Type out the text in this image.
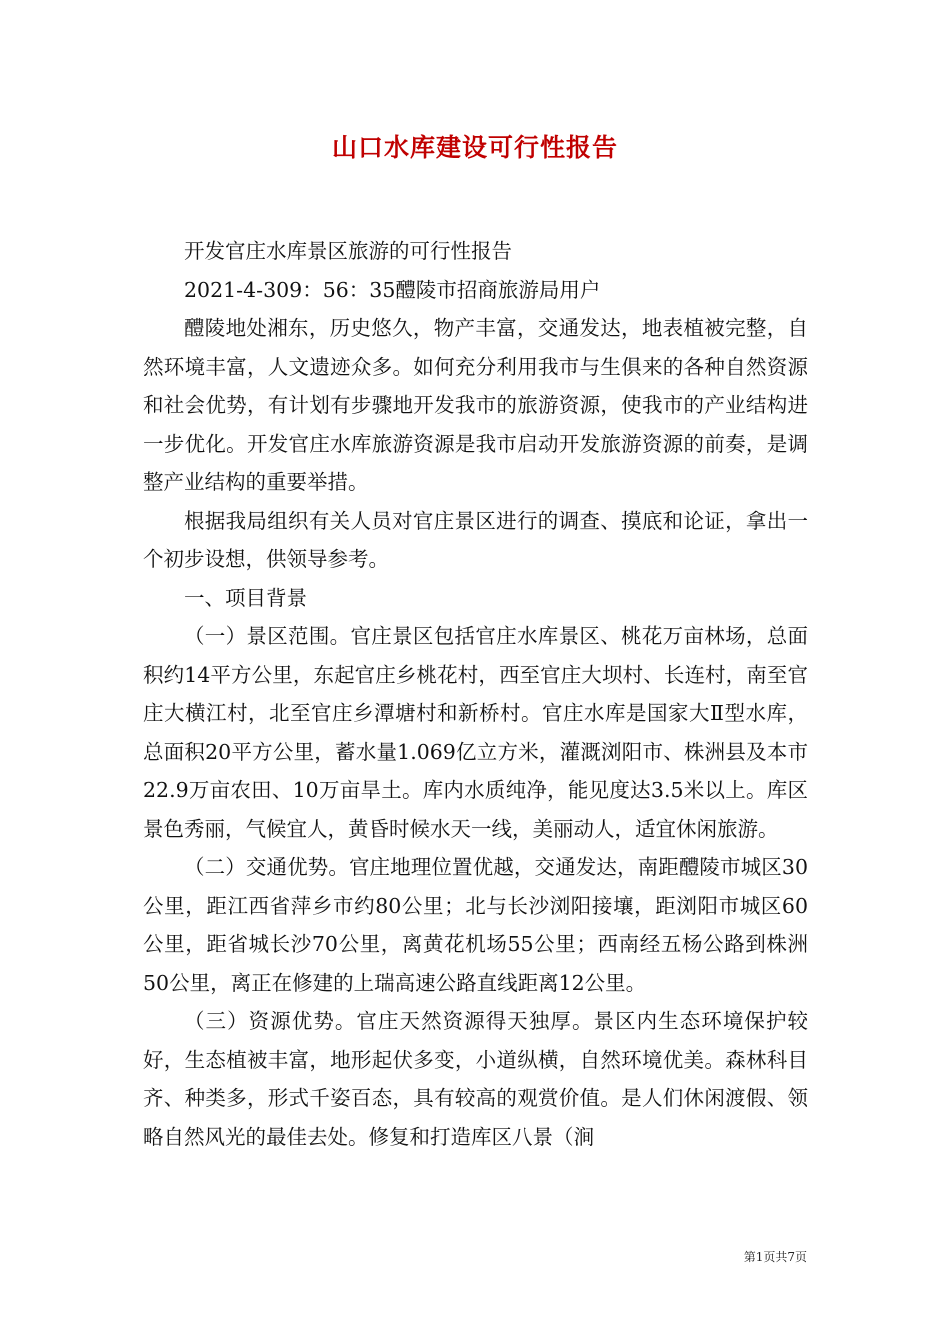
山口水库建设可行性报告

开发官庄水库景区旅游的可行性报告

2021-4-309：56：35醴陵市招商旅游局用户

醴陵地处湘东，历史悠久，物产丰富，交通发达，地表植被完整，自然环境丰富，人文遗迹众多。如何充分利用我市与生俱来的各种自然资源和社会优势，有计划有步骤地开发我市的旅游资源，使我市的产业结构进一步优化。开发官庄水库旅游资源是我市启动开发旅游资源的前奏，是调整产业结构的重要举措。

根据我局组织有关人员对官庄景区进行的调查、摸底和论证，拿出一个初步设想，供领导参考。

一、项目背景

（一）景区范围。官庄景区包括官庄水库景区、桃花万亩林场，总面积约14平方公里，东起官庄乡桃花村，西至官庄大坝村、长连村，南至官庄大横江村，北至官庄乡潭塘村和新桥村。官庄水库是国家大Ⅱ型水库，总面积20平方公里，蓄水量1.069亿立方米，灌溉浏阳市、株洲县及本市22.9万亩农田、10万亩旱土。库内水质纯净，能见度达3.5米以上。库区景色秀丽，气候宜人，黄昏时候水天一线，美丽动人，适宜休闲旅游。

（二）交通优势。官庄地理位置优越，交通发达，南距醴陵市城区30公里，距江西省萍乡市约80公里；北与长沙浏阳接壤，距浏阳市城区60公里，距省城长沙70公里，离黄花机场55公里；西南经五杨公路到株洲50公里，离正在修建的上瑞高速公路直线距离12公里。

（三）资源优势。官庄天然资源得天独厚。景区内生态环境保护较好，生态植被丰富，地形起伏多变，小道纵横，自然环境优美。森林科目齐、种类多，形式千姿百态，具有较高的观赏价值。是人们休闲渡假、领略自然风光的最佳去处。修复和打造库区八景（涧

第1页共7页
